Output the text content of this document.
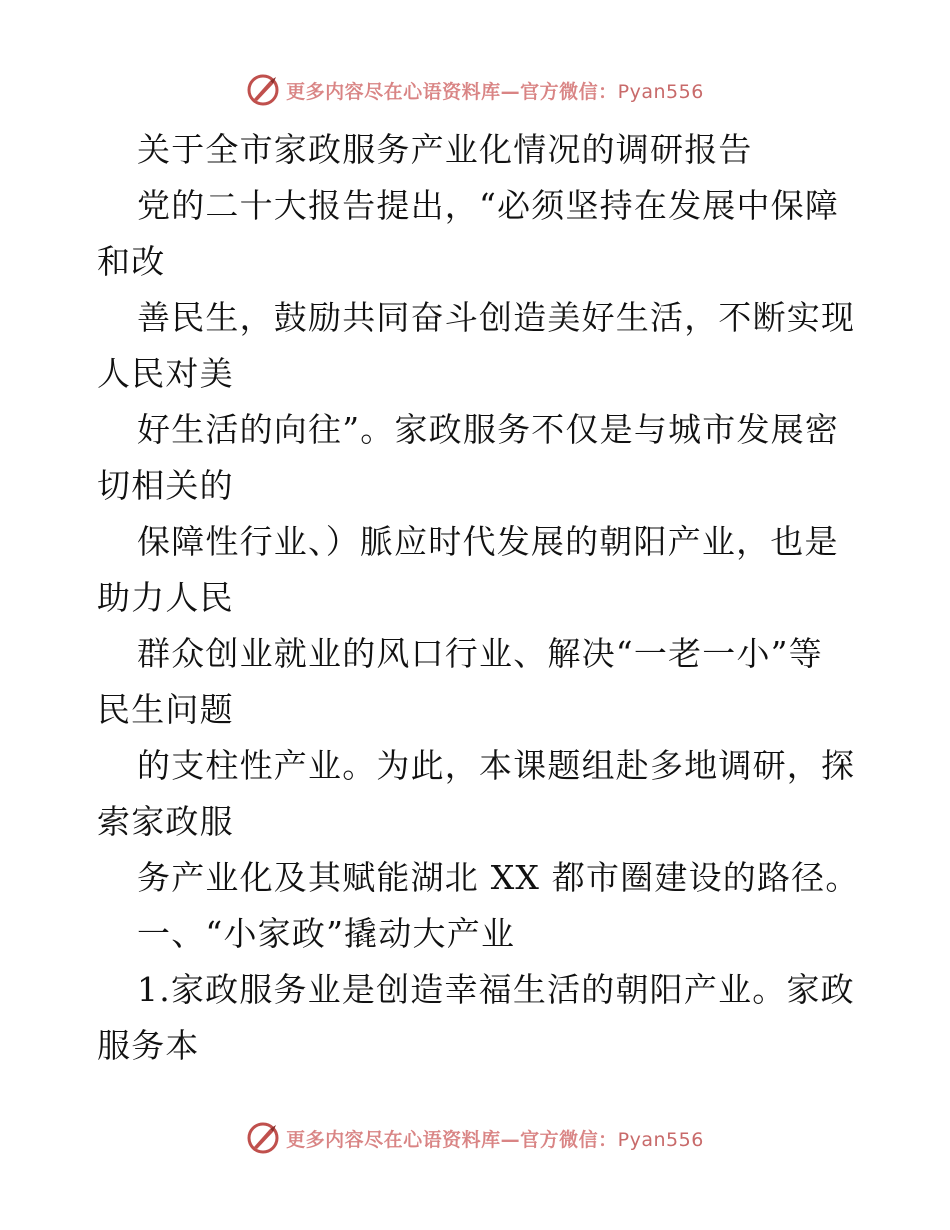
更多内容尽在心语资料库—官方微信：Pyan556
关于全市家政服务产业化情况的调研报告
党的二十大报告提出，“必须坚持在发展中保障
和改
善民生，鼓励共同奋斗创造美好生活，不断实现
人民对美
好生活的向往”。家政服务不仅是与城市发展密
切相关的
保障性行业、）脈应时代发展的朝阳产业，也是
助力人民
群众创业就业的风口行业、解决“一老一小”等
民生问题
的支柱性产业。为此，本课题组赴多地调研，探
索家政服
务产业化及其赋能湖北 XX 都市圈建设的路径。
一、“小家政”撬动大产业
1.家政服务业是创造幸福生活的朝阳产业。家政
服务本
更多内容尽在心语资料库—官方微信：Pyan556
